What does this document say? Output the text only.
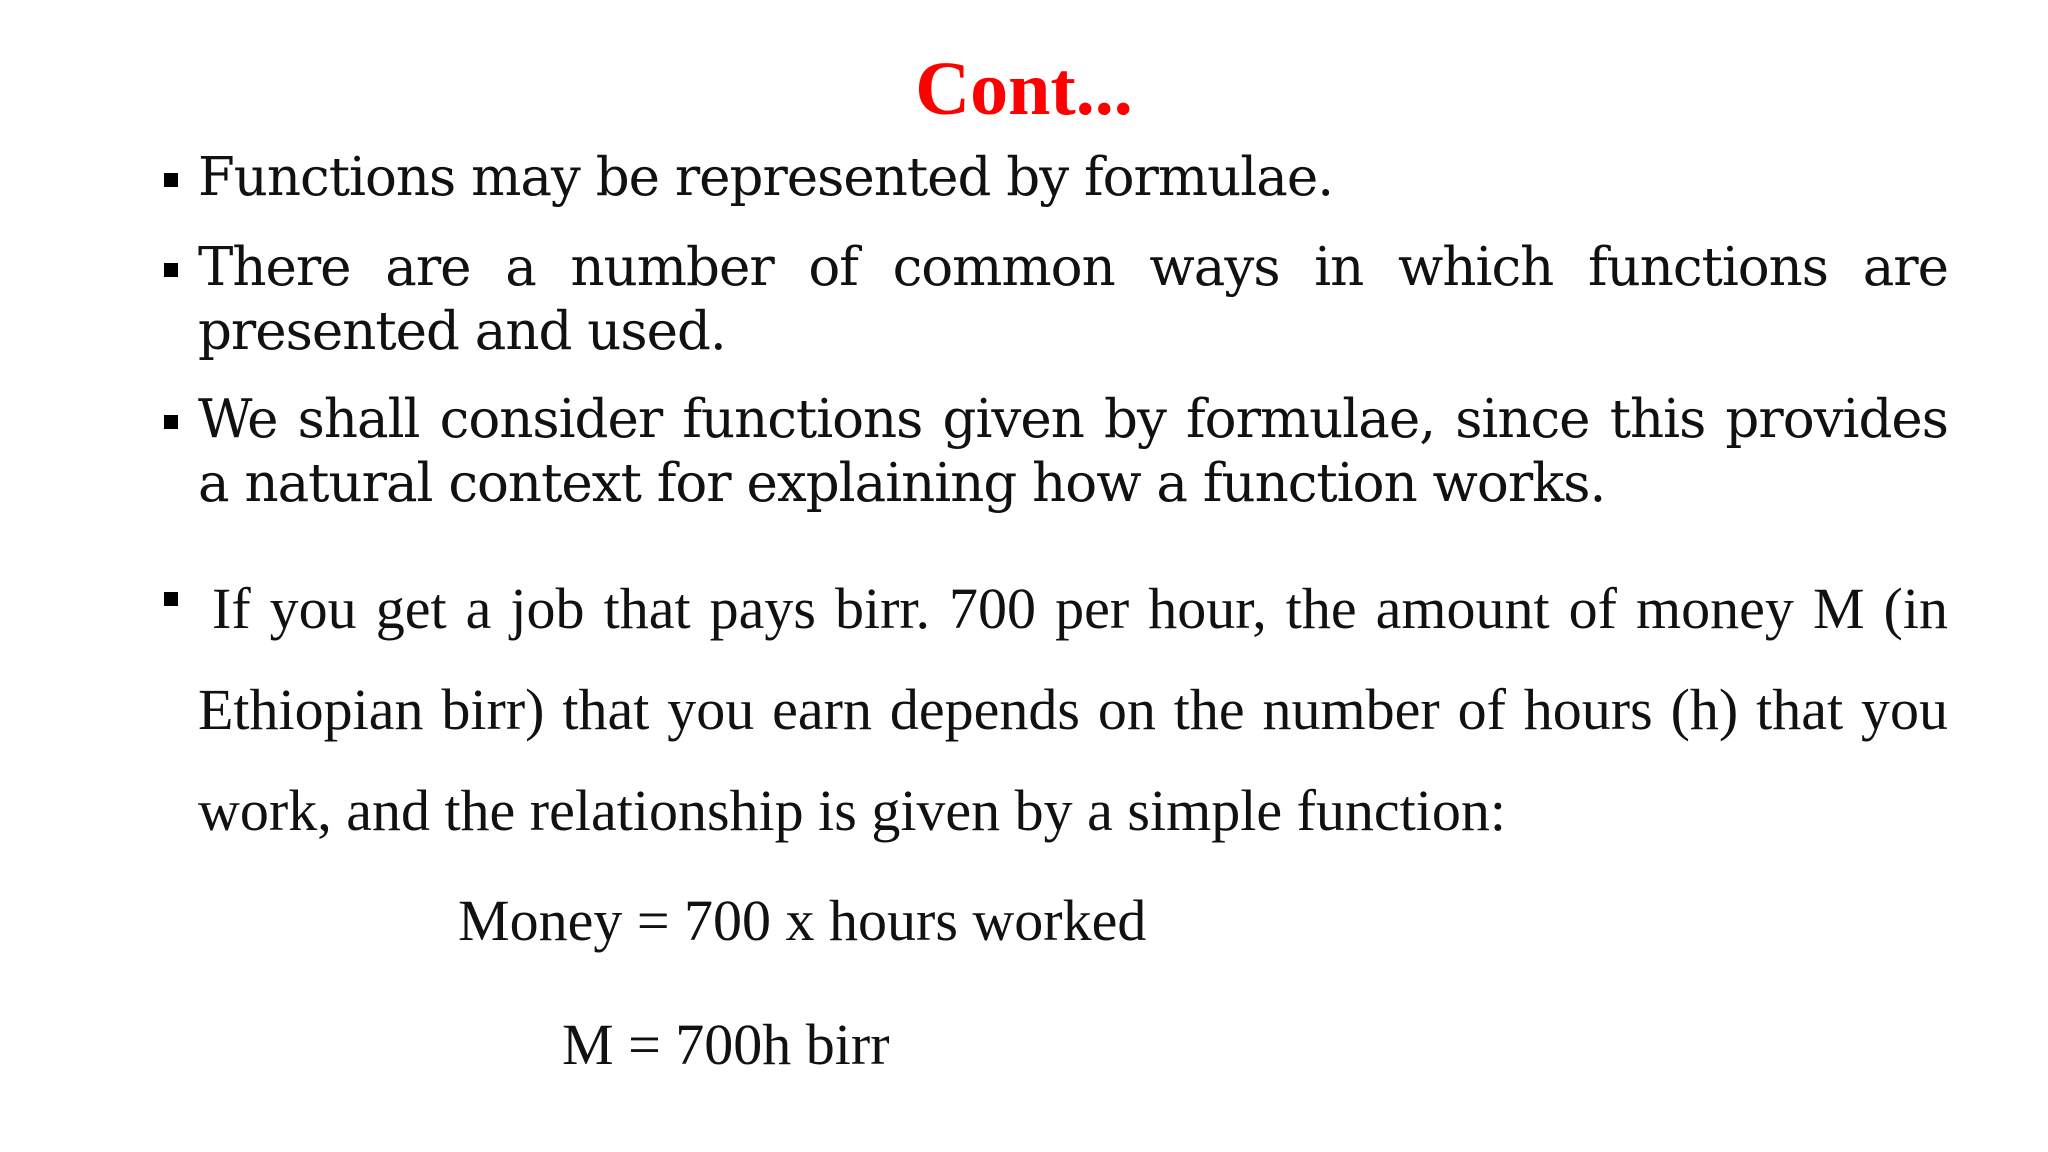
Cont...
Functions may be represented by formulae.
There are a number of common ways in which functions are presented and used.
We shall consider functions given by formulae, since this provides a natural context for explaining how a function works.
If you get a job that pays birr. 700 per hour, the amount of money M (in Ethiopian birr) that you earn depends on the number of hours (h) that you work, and the relationship is given by a simple function:
Money = 700 x hours worked
M = 700h birr
